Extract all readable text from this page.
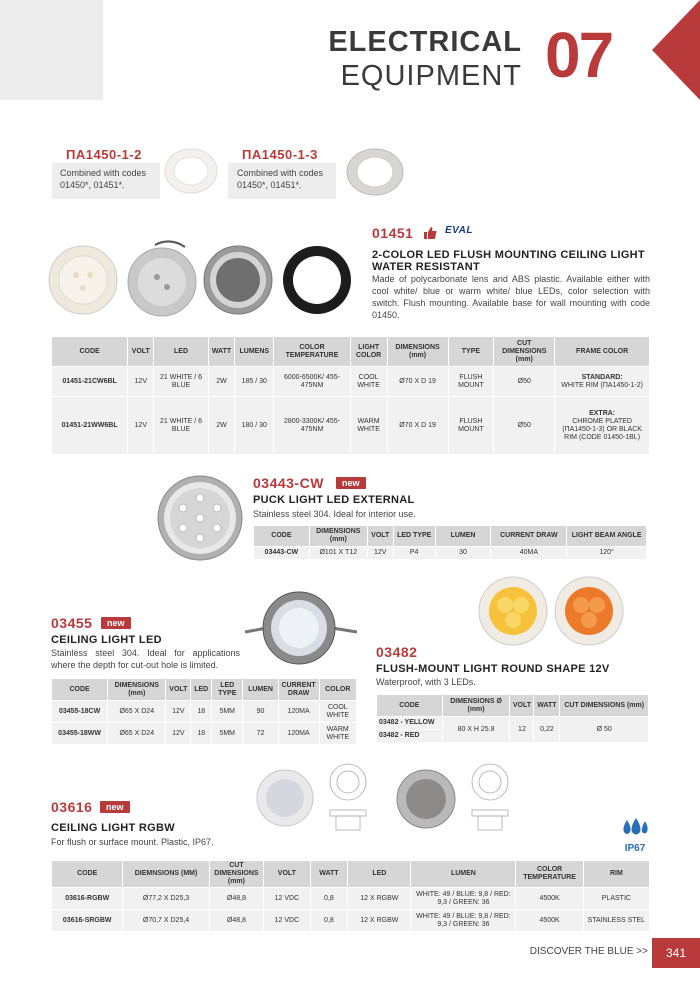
ELECTRICAL
EQUIPMENT 07
ΠΑ1450-1-2
Combined with codes 01450*, 01451*.
ΠΑ1450-1-3
Combined with codes 01450*, 01451*.
01451	EVAL
2-COLOR LED FLUSH MOUNTING CEILING LIGHT
WATER RESISTANT
Made of polycarbonate lens and ABS plastic. Available either with cool white/ blue or warm white/ blue LEDs, color selection with switch. Flush mounting. Available base for wall mounting with code 01450.
CODE	VOLT	LED	WATT	LUMENS	COLOR TEMPERATURE	LIGHT COLOR	DIMENSIONS (mm)	TYPE	CUT DIMENSIONS (mm)	FRAME COLOR
01451-21CW6BL	12V	21 WHITE / 6 BLUE	2W	185 / 30	6000-6500K/ 455-475NM	COOL WHITE	Ø70 X D 19	FLUSH MOUNT	Ø50	STANDARD:
WHITE RIM (ΠΑ1450-1-2)
01451-21WW6BL	12V	21 WHITE / 6 BLUE	2W	180 / 30	2800-3300K/ 455-475NM	WARM WHITE	Ø70 X D 19	FLUSH MOUNT	Ø50	EXTRA:
CHROME PLATED (ΠΑ1450-1-3) OR BLACK RIM (CODE 01450-1BL)
03443-CW	new
PUCK LIGHT LED EXTERNAL
Stainless steel 304. Ideal for interior use.
CODE	DIMENSIONS (mm)	VOLT	LED TYPE	LUMEN	CURRENT DRAW	LIGHT BEAM ANGLE
03443-CW	Ø101 X T12	12V	P4	30	40MA	120°
03455	new
CEILING LIGHT LED
Stainless steel 304. Ideal for applications where the depth for cut-out hole is limited.
CODE	DIMENSIONS (mm)	VOLT	LED	LED TYPE	LUMEN	CURRENT DRAW	COLOR
03455-18CW	Ø65 X D24	12V	18	5MM	90	120MA	COOL WHITE
03455-18WW	Ø65 X D24	12V	18	5MM	72	120MA	WARM WHITE
03482
FLUSH-MOUNT LIGHT ROUND SHAPE 12V
Waterproof, with 3 LEDs.
CODE	DIMENSIONS Ø (mm)	VOLT	WATT	CUT DIMENSIONS (mm)
03482 - YELLOW	80 X H 25.8	12	0,22	Ø 50
03482 - RED				
IP67
03616	new
CEILING LIGHT RGBW
For flush or surface mount. Plastic, IP67.
CODE	DIEMNSIONS (MM)	CUT DIMENSIONS (mm)	VOLT	WATT	LED	LUMEN	COLOR TEMPERATURE	RIM
03616-RGBW	Ø77,2 X D25,3	Ø48,8	12 VDC	0,8	12 X RGBW	WHITE: 49 / BLUE: 9,8 / RED: 9,3 / GREEN: 36	4500K	PLASTIC
03616-SRGBW	Ø70,7 X D25,4	Ø48,8	12 VDC	0,8	12 X RGBW	WHITE: 49 / BLUE: 9,8 / RED: 9,3 / GREEN: 36	4500K	STAINLESS STEL
DISCOVER THE BLUE >>	341
